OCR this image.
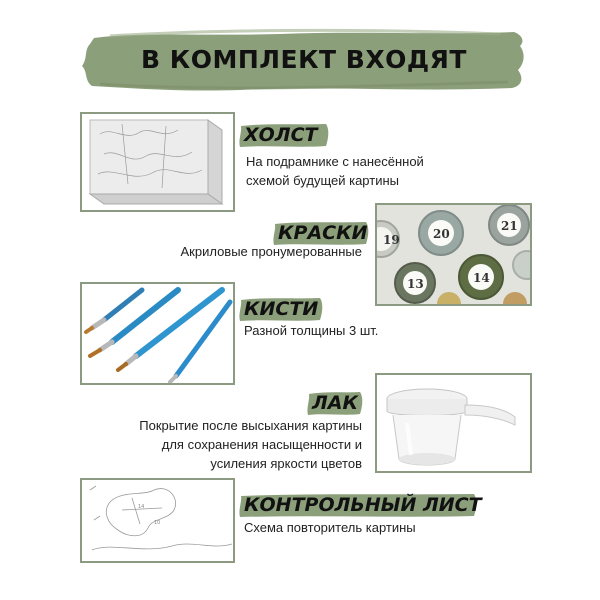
В КОМПЛЕКТ ВХОДЯТ
ХОЛСТ
На подрамнике с нанесённой
схемой будущей картины
КРАСКИ
Акриловые пронумерованные
19	20
21
13	14
КИСТИ
Разной толщины 3 шт.
ЛАК
Покрытие после высыхания картины
для сохранения насыщенности и
усиления яркости цветов
14
10
КОНТРОЛЬНЫЙ ЛИСТ
Схема повторитель картины
